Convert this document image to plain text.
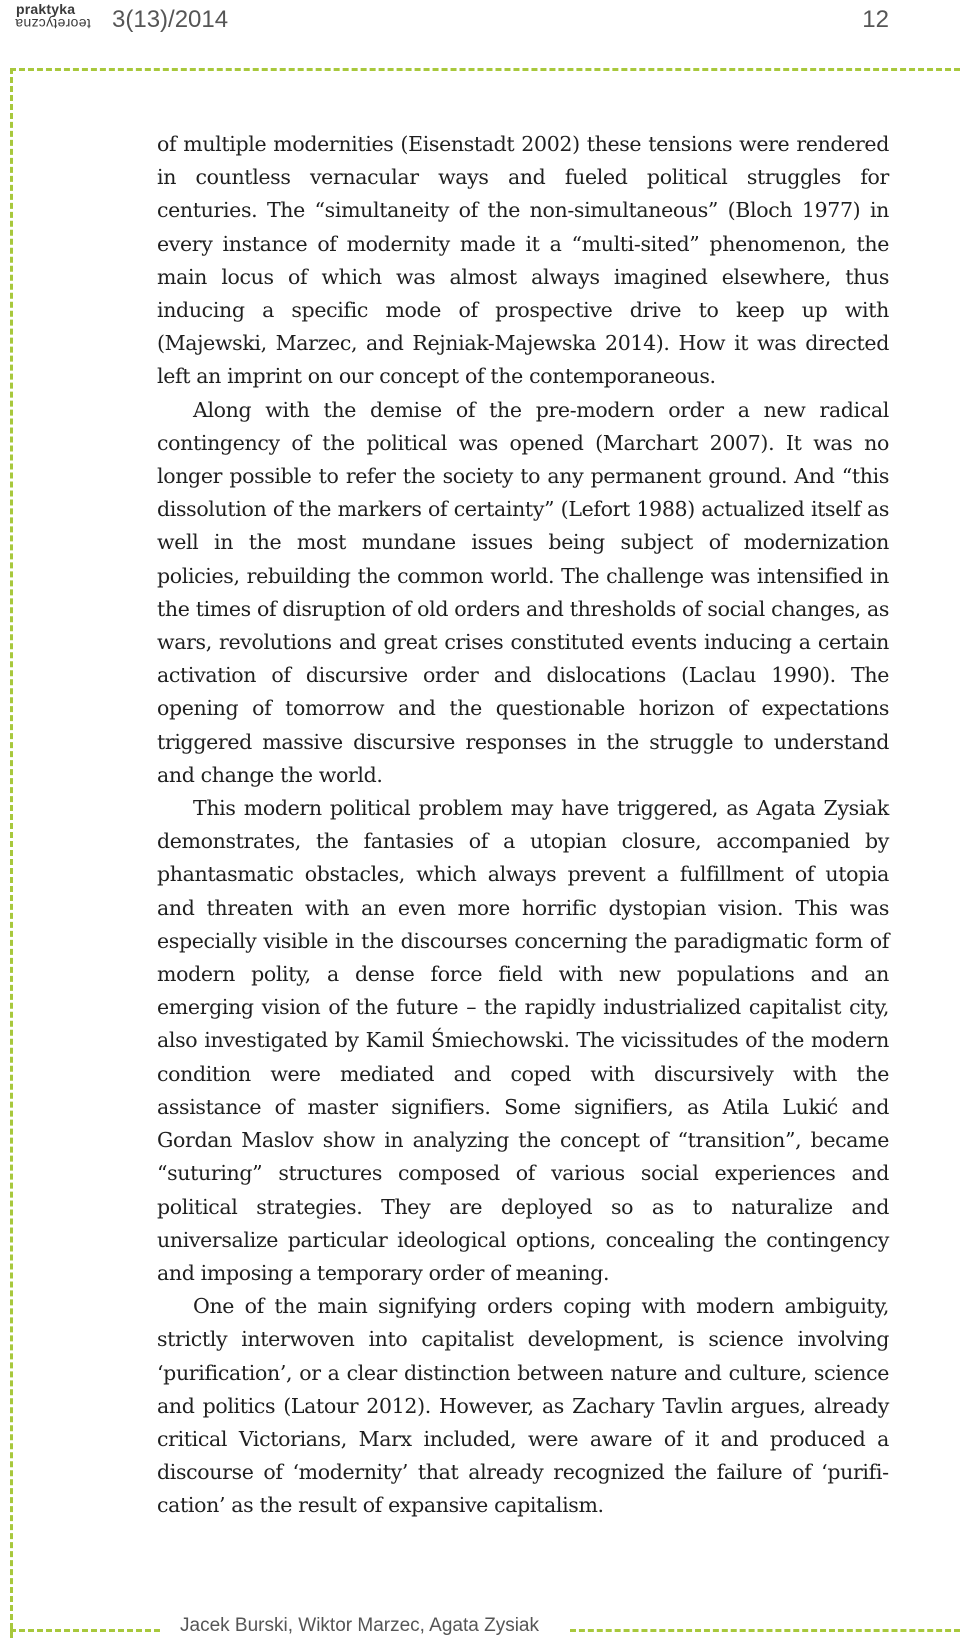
praktyka
teoretyczna 3(13)/2014	12

of multiple modernities (Eisenstadt 2002) these tensions were rendered in countless vernacular ways and fueled political struggles for centuries. The “simultaneity of the non-simultaneous” (Bloch 1977) in every instance of modernity made it a “multi-sited” phenomenon, the main locus of which was almost always imagined elsewhere, thus inducing a specific mode of prospective drive to keep up with (Majewski, Marzec, and Rejniak-Majewska 2014). How it was directed left an imprint on our concept of the contemporaneous.

Along with the demise of the pre-modern order a new radical contingency of the political was opened (Marchart 2007). It was no longer possible to refer the society to any permanent ground. And “this dissolution of the markers of certainty” (Lefort 1988) actualized itself as well in the most mundane issues being subject of modernization policies, rebuilding the common world. The challenge was intensified in the times of disruption of old orders and thresholds of social changes, as wars, revolutions and great crises constituted events inducing a certain activation of discursive order and dislocations (Laclau 1990). The opening of tomorrow and the questionable horizon of expectations triggered massive discursive responses in the struggle to understand and change the world.

This modern political problem may have triggered, as Agata Zysiak demonstrates, the fantasies of a utopian closure, accompanied by phantasmatic obstacles, which always prevent a fulfillment of utopia and threaten with an even more horrific dystopian vision. This was especially visible in the discourses concerning the paradigmatic form of modern polity, a dense force field with new populations and an emerging vision of the future – the rapidly industrialized capitalist city, also investigated by Kamil Śmiechowski. The vicissitudes of the modern condition were mediated and coped with discursively with the assistance of master signifiers. Some signifiers, as Atila Lukić and Gordan Maslov show in analyzing the concept of “transition”, became “suturing” structures composed of various social experiences and political strategies. They are deployed so as to naturalize and universalize particular ideological options, concealing the contingency and imposing a temporary order of meaning.

One of the main signifying orders coping with modern ambiguity, strictly interwoven into capitalist development, is science involving ‘purification’, or a clear distinction between nature and culture, science and politics (Latour 2012). However, as Zachary Tavlin argues, already critical Victorians, Marx included, were aware of it and produced a discourse of ‘modernity’ that already recognized the failure of ‘purification’ as the result of expansive capitalism.

Jacek Burski, Wiktor Marzec, Agata Zysiak
